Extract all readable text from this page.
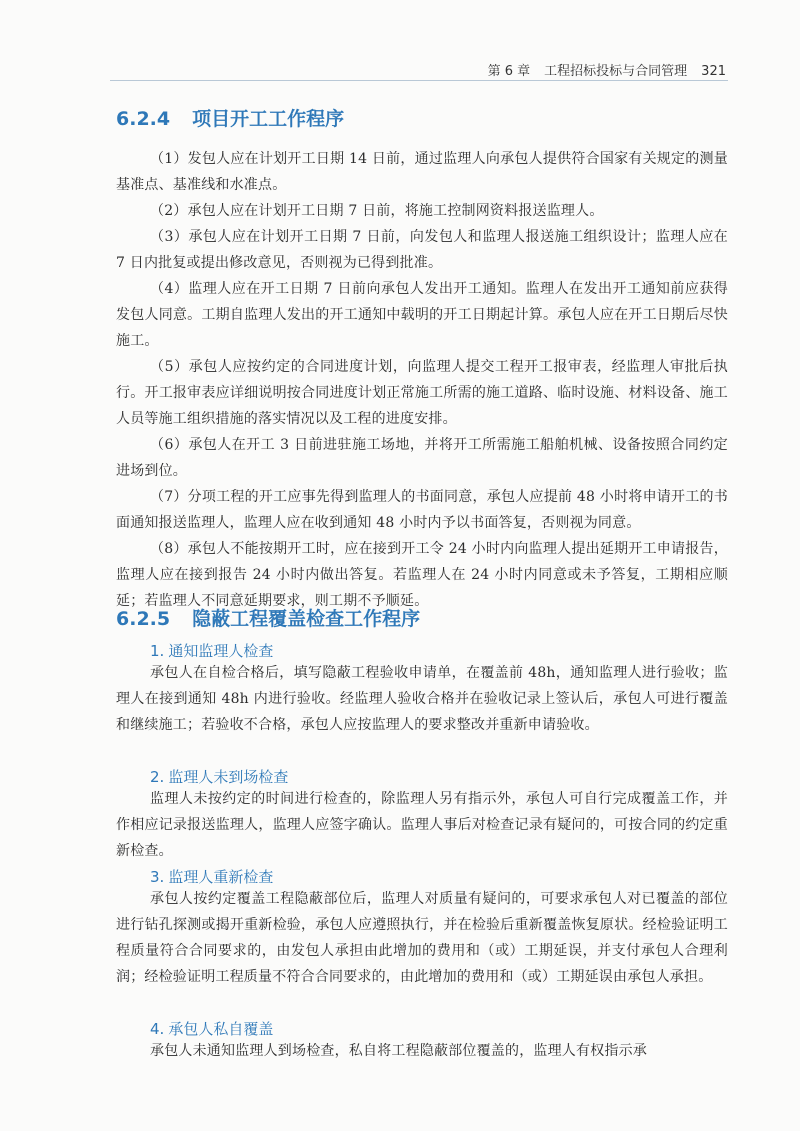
第 6 章 工程招标投标与合同管理 321
6.2.4 项目开工工作程序

（1）发包人应在计划开工日期 14 日前，通过监理人向承包人提供符合国家有关规定的测量基准点、基准线和水准点。

（2）承包人应在计划开工日期 7 日前，将施工控制网资料报送监理人。

（3）承包人应在计划开工日期 7 日前，向发包人和监理人报送施工组织设计；监理人应在 7 日内批复或提出修改意见，否则视为已得到批准。

（4）监理人应在开工日期 7 日前向承包人发出开工通知。监理人在发出开工通知前应获得发包人同意。工期自监理人发出的开工通知中载明的开工日期起计算。承包人应在开工日期后尽快施工。

（5）承包人应按约定的合同进度计划，向监理人提交工程开工报审表，经监理人审批后执行。开工报审表应详细说明按合同进度计划正常施工所需的施工道路、临时设施、材料设备、施工人员等施工组织措施的落实情况以及工程的进度安排。

（6）承包人在开工 3 日前进驻施工场地，并将开工所需施工船舶机械、设备按照合同约定进场到位。

（7）分项工程的开工应事先得到监理人的书面同意，承包人应提前 48 小时将申请开工的书面通知报送监理人，监理人应在收到通知 48 小时内予以书面答复，否则视为同意。

（8）承包人不能按期开工时，应在接到开工令 24 小时内向监理人提出延期开工申请报告，监理人应在接到报告 24 小时内做出答复。若监理人在 24 小时内同意或未予答复，工期相应顺延；若监理人不同意延期要求，则工期不予顺延。

6.2.5 隐蔽工程覆盖检查工作程序
1. 通知监理人检查

承包人在自检合格后，填写隐蔽工程验收申请单，在覆盖前 48h，通知监理人进行验收；监理人在接到通知 48h 内进行验收。经监理人验收合格并在验收记录上签认后，承包人可进行覆盖和继续施工；若验收不合格，承包人应按监理人的要求整改并重新申请验收。

2. 监理人未到场检查

监理人未按约定的时间进行检查的，除监理人另有指示外，承包人可自行完成覆盖工作，并作相应记录报送监理人，监理人应签字确认。监理人事后对检查记录有疑问的，可按合同的约定重新检查。

3. 监理人重新检查

承包人按约定覆盖工程隐蔽部位后，监理人对质量有疑问的，可要求承包人对已覆盖的部位进行钻孔探测或揭开重新检验，承包人应遵照执行，并在检验后重新覆盖恢复原状。经检验证明工程质量符合合同要求的，由发包人承担由此增加的费用和（或）工期延误，并支付承包人合理利润；经检验证明工程质量不符合合同要求的，由此增加的费用和（或）工期延误由承包人承担。

4. 承包人私自覆盖

承包人未通知监理人到场检查，私自将工程隐蔽部位覆盖的，监理人有权指示承
